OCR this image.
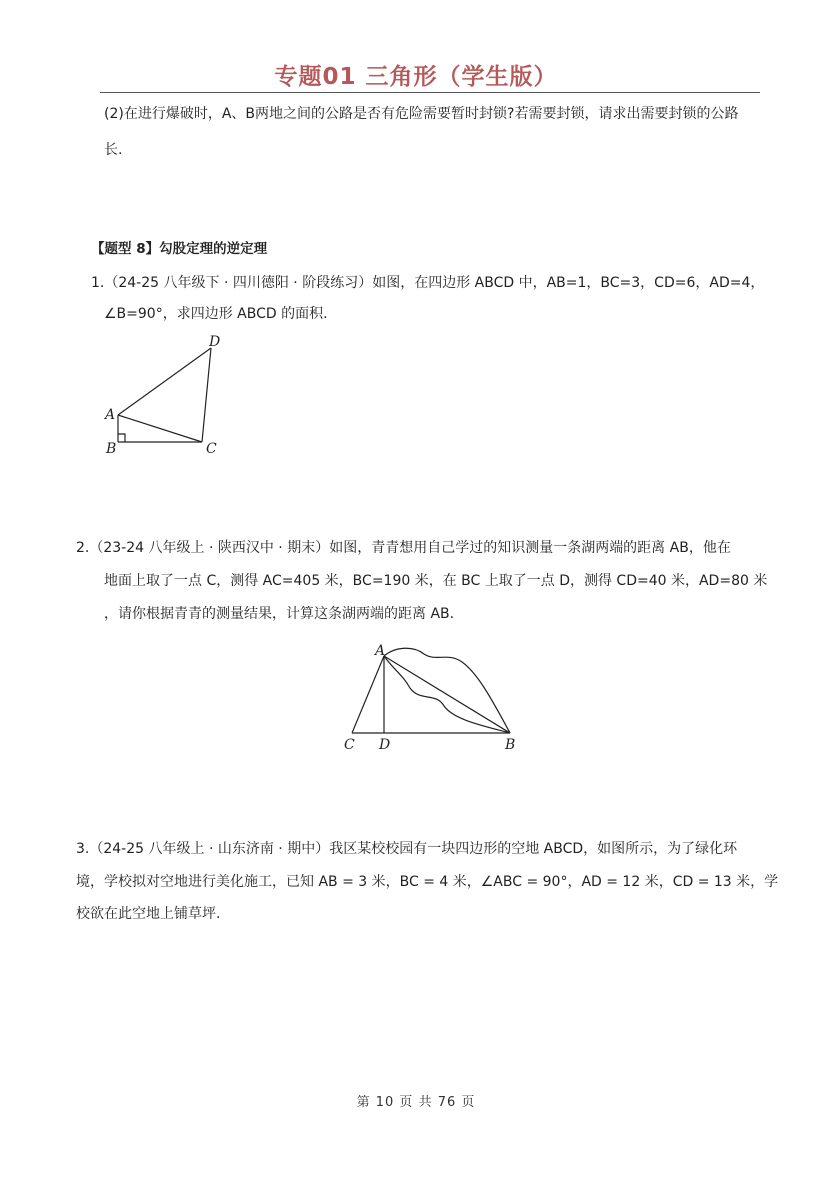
专题01 三角形（学生版）
(2)在进行爆破时，A、B两地之间的公路是否有危险需要暂时封锁?若需要封锁，请求出需要封锁的公路
长.
【题型 8】勾股定理的逆定理
1.（24-25 八年级下 · 四川德阳 · 阶段练习）如图，在四边形 ABCD 中，AB=1，BC=3，CD=6，AD=4，
∠B=90°，求四边形 ABCD 的面积.
A
B	C
D
2.（23-24 八年级上 · 陕西汉中 · 期末）如图，青青想用自己学过的知识测量一条湖两端的距离 AB，他在
地面上取了一点 C，测得 AC=405 米，BC=190 米，在 BC 上取了一点 D，测得 CD=40 米，AD=80 米
，请你根据青青的测量结果，计算这条湖两端的距离 AB.
A
C D	B
3.（24-25 八年级上 · 山东济南 · 期中）我区某校校园有一块四边形的空地 ABCD，如图所示，为了绿化环
境，学校拟对空地进行美化施工，已知 AB = 3 米，BC = 4 米，∠ABC = 90°，AD = 12 米，CD = 13 米，学
校欲在此空地上铺草坪.
第 10 页 共 76 页
